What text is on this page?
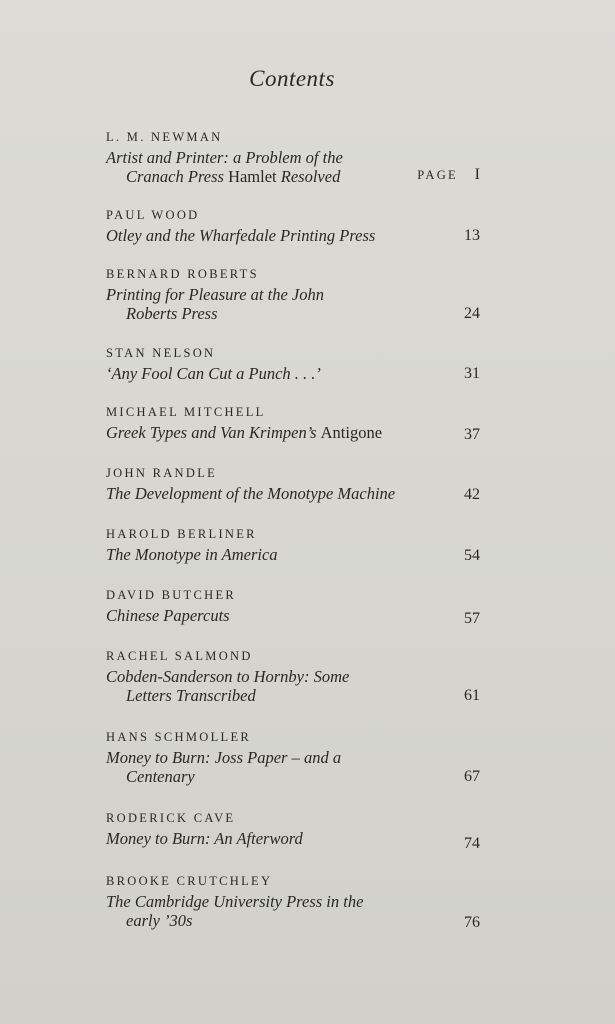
Contents
L. M. NEWMAN
Artist and Printer: a Problem of the
Cranach Press Hamlet Resolved	PAGE I
PAUL WOOD
Otley and the Wharfedale Printing Press	13
BERNARD ROBERTS
Printing for Pleasure at the John
Roberts Press	24
STAN NELSON
‘Any Fool Can Cut a Punch . . .’	31
MICHAEL MITCHELL
Greek Types and Van Krimpen’s Antigone	37
JOHN RANDLE
The Development of the Monotype Machine	42
HAROLD BERLINER
The Monotype in America	54
DAVID BUTCHER
Chinese Papercuts	57
RACHEL SALMOND
Cobden-Sanderson to Hornby: Some
Letters Transcribed	61
HANS SCHMOLLER
Money to Burn: Joss Paper – and a
Centenary	67
RODERICK CAVE
Money to Burn: An Afterword	74
BROOKE CRUTCHLEY
The Cambridge University Press in the
early ’30s	76
